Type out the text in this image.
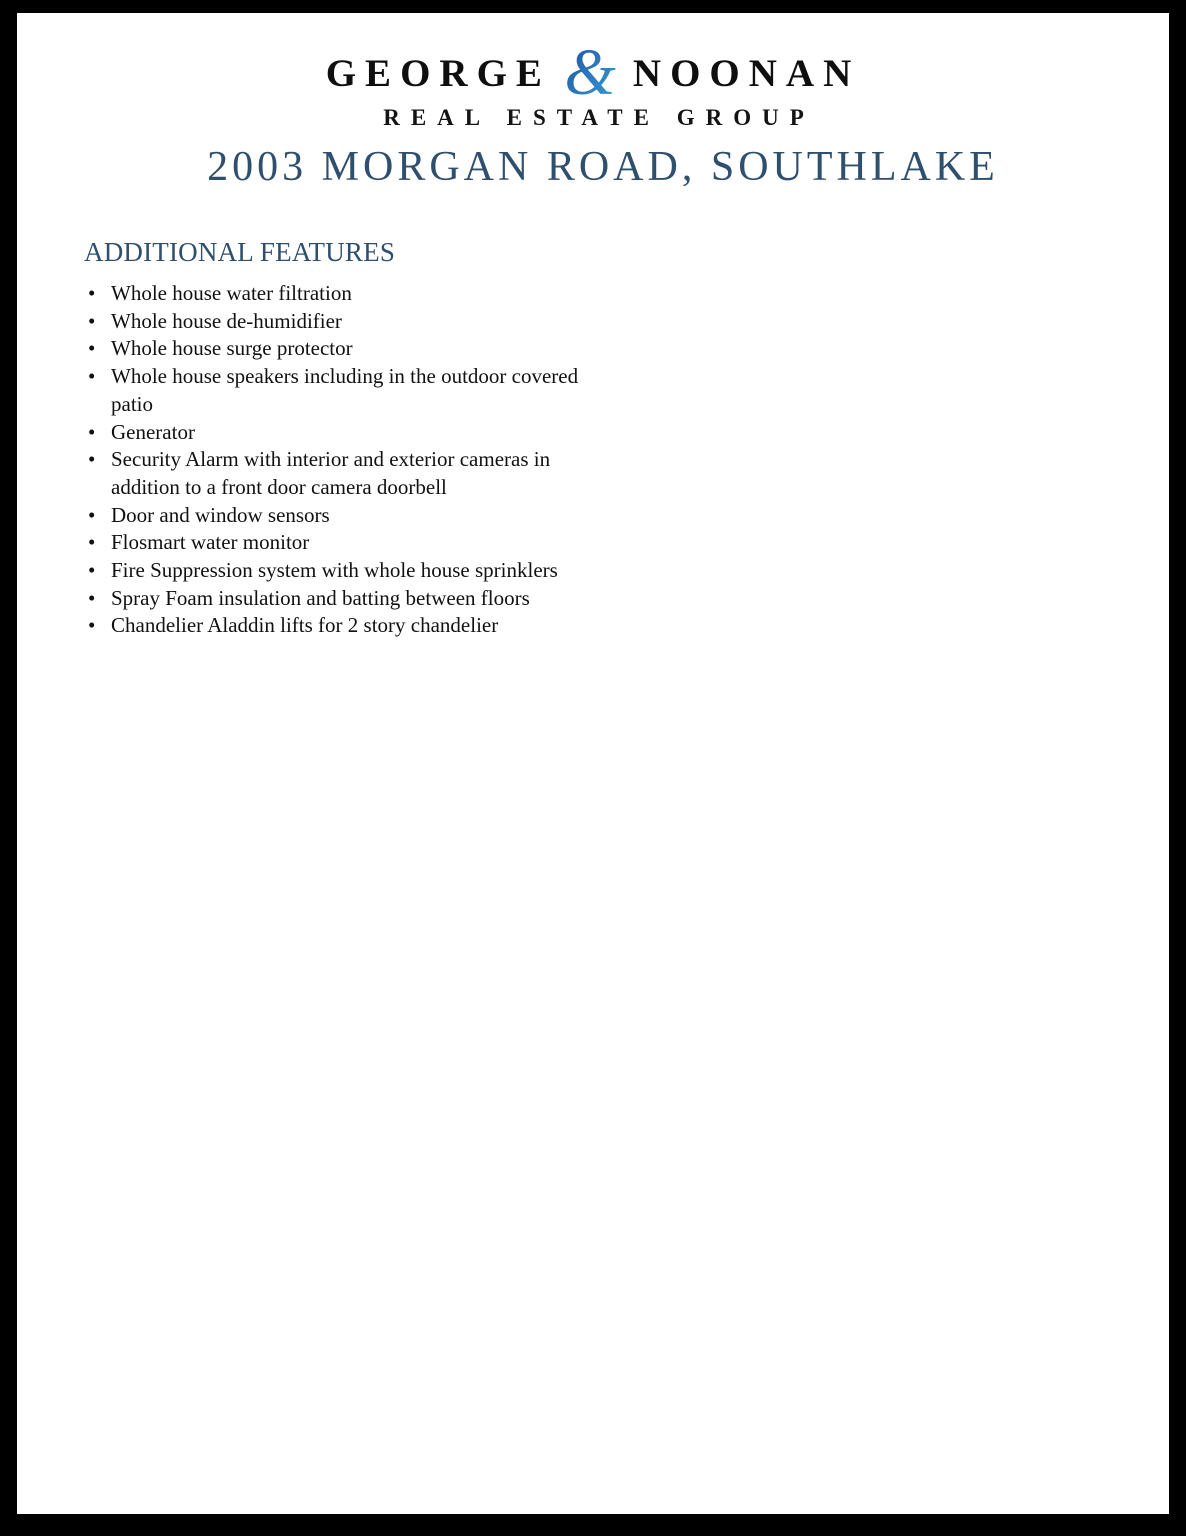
GEORGE & NOONAN
REAL ESTATE GROUP
2003 MORGAN ROAD, SOUTHLAKE
ADDITIONAL FEATURES
• Whole house water filtration
• Whole house de-humidifier
• Whole house surge protector
• Whole house speakers including in the outdoor covered patio
• Generator
• Security Alarm with interior and exterior cameras in addition to a front door camera doorbell
• Door and window sensors
• Flosmart water monitor
• Fire Suppression system with whole house sprinklers
• Spray Foam insulation and batting between floors
• Chandelier Aladdin lifts for 2 story chandelier
